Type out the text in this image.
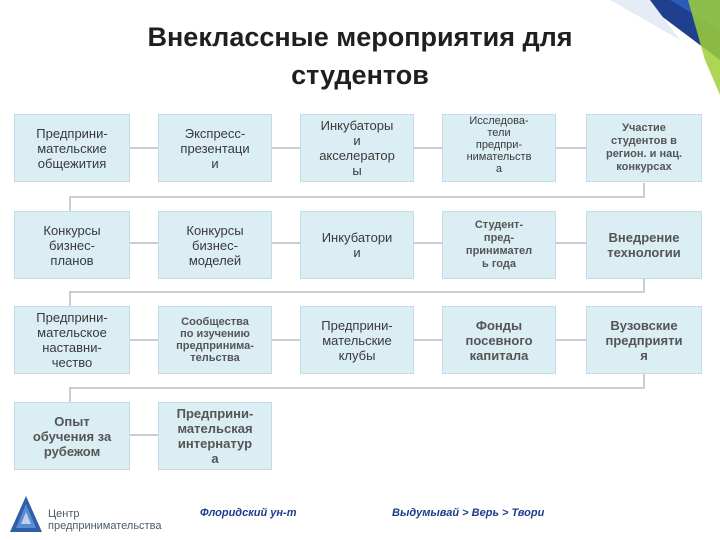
Внеклассные мероприятия для
студентов
Предприни-
мательские
общежития
Экспресс-
презентаци
и
Инкубаторы
и
акселератор
ы
Исследова-
тели
предпри-
нимательств
а
Участие
студентов в
регион. и нац.
конкурсах
Конкурсы
бизнес-
планов
Конкурсы
бизнес-
моделей
Инкубатори
и
Студент-
пред-
принимател
ь года
Внедрение
технологии
Предприни-
мательское
наставни-
чество
Сообщества
по изучению
предпринима-
тельства
Предприни-
мательские
клубы
Фонды
посевного
капитала
Вузовские
предприяти
я
Опыт
обучения за
рубежом
Предприни-
мательская
интернатур
а
Центр
предпринимательства
Флоридский ун-т	Выдумывай > Верь > Твори
